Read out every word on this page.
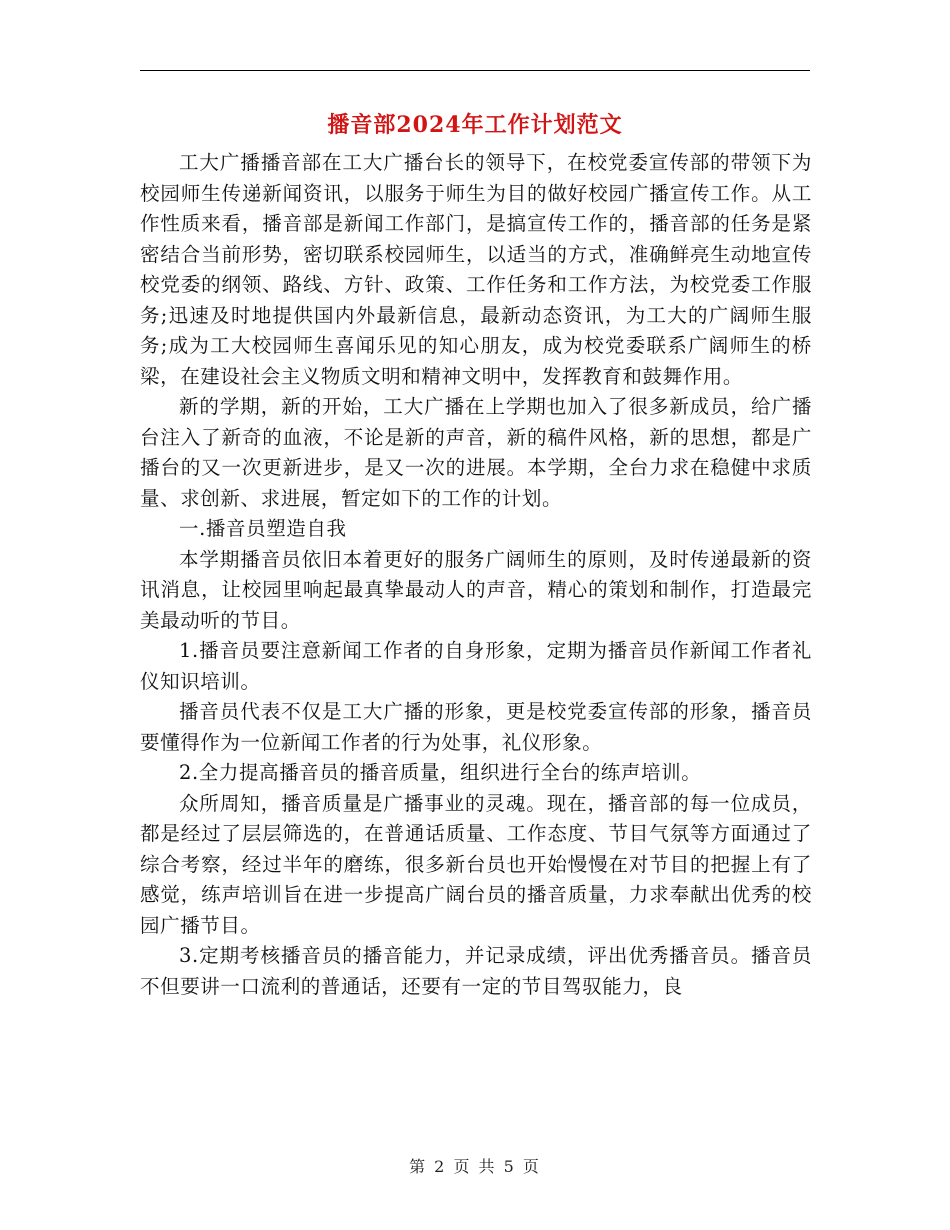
播音部2024年工作计划范文

工大广播播音部在工大广播台长的领导下，在校党委宣传部的带领下为校园师生传递新闻资讯，以服务于师生为目的做好校园广播宣传工作。从工作性质来看，播音部是新闻工作部门，是搞宣传工作的，播音部的任务是紧密结合当前形势，密切联系校园师生，以适当的方式，准确鲜亮生动地宣传校党委的纲领、路线、方针、政策、工作任务和工作方法，为校党委工作服务;迅速及时地提供国内外最新信息，最新动态资讯，为工大的广阔师生服务;成为工大校园师生喜闻乐见的知心朋友，成为校党委联系广阔师生的桥梁，在建设社会主义物质文明和精神文明中，发挥教育和鼓舞作用。

新的学期，新的开始，工大广播在上学期也加入了很多新成员，给广播台注入了新奇的血液，不论是新的声音，新的稿件风格，新的思想，都是广播台的又一次更新进步，是又一次的进展。本学期，全台力求在稳健中求质量、求创新、求进展，暂定如下的工作的计划。

一.播音员塑造自我

本学期播音员依旧本着更好的服务广阔师生的原则，及时传递最新的资讯消息，让校园里响起最真挚最动人的声音，精心的策划和制作，打造最完美最动听的节目。

1.播音员要注意新闻工作者的自身形象，定期为播音员作新闻工作者礼仪知识培训。

播音员代表不仅是工大广播的形象，更是校党委宣传部的形象，播音员要懂得作为一位新闻工作者的行为处事，礼仪形象。

2.全力提高播音员的播音质量，组织进行全台的练声培训。

众所周知，播音质量是广播事业的灵魂。现在，播音部的每一位成员，都是经过了层层筛选的，在普通话质量、工作态度、节目气氛等方面通过了综合考察，经过半年的磨练，很多新台员也开始慢慢在对节目的把握上有了感觉，练声培训旨在进一步提高广阔台员的播音质量，力求奉献出优秀的校园广播节目。

3.定期考核播音员的播音能力，并记录成绩，评出优秀播音员。播音员不但要讲一口流利的普通话，还要有一定的节目驾驭能力，良

第 2 页 共 5 页
